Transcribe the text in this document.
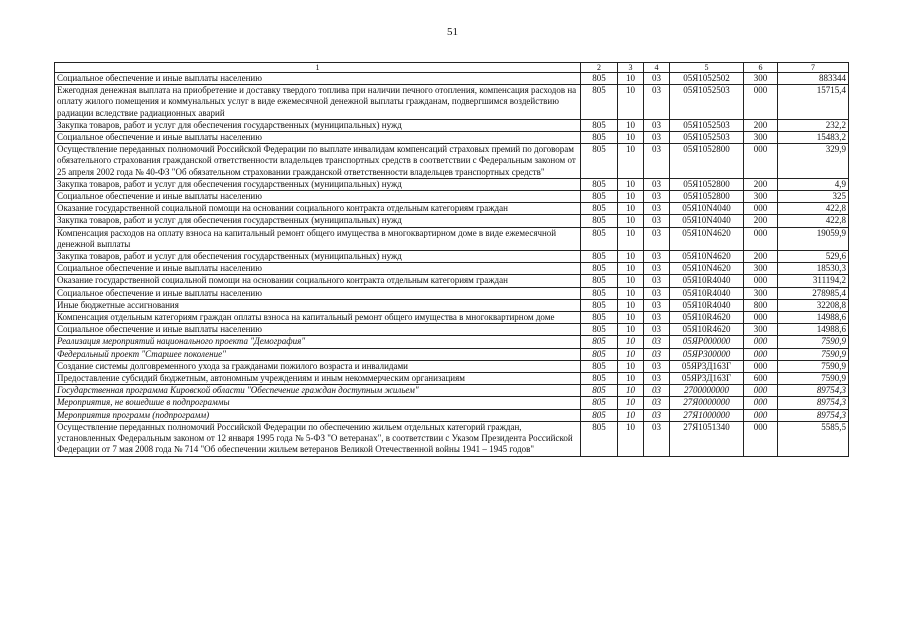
51
1	2	3	4	5	6	7
Социальное обеспечение и иные выплаты населению	805	10	03	05Я1052502	300	883344
Ежегодная денежная выплата на приобретение и доставку твердого топлива при наличии печного отопления, компенсация расходов на оплату жилого помещения и коммунальных услуг в виде ежемесячной денежной выплаты гражданам, подвергшимся воздействию радиации вследствие радиационных аварий	805	10	03	05Я1052503	000	15715,4
Закупка товаров, работ и услуг для обеспечения государственных (муниципальных) нужд	805	10	03	05Я1052503	200	232,2
Социальное обеспечение и иные выплаты населению	805	10	03	05Я1052503	300	15483,2
Осуществление переданных полномочий Российской Федерации по выплате инвалидам компенсаций страховых премий по договорам обязательного страхования гражданской ответственности владельцев транспортных средств в соответствии с Федеральным законом от 25 апреля 2002 года № 40-ФЗ "Об обязательном страховании гражданской ответственности владельцев транспортных средств"	805	10	03	05Я1052800	000	329,9
Закупка товаров, работ и услуг для обеспечения государственных (муниципальных) нужд	805	10	03	05Я1052800	200	4,9
Социальное обеспечение и иные выплаты населению	805	10	03	05Я1052800	300	325
Оказание государственной социальной помощи на основании социального контракта отдельным категориям граждан	805	10	03	05Я10N4040	000	422,8
Закупка товаров, работ и услуг для обеспечения государственных (муниципальных) нужд	805	10	03	05Я10N4040	200	422,8
Компенсация расходов на оплату взноса на капитальный ремонт общего имущества в многоквартирном доме в виде ежемесячной денежной выплаты	805	10	03	05Я10N4620	000	19059,9
Закупка товаров, работ и услуг для обеспечения государственных (муниципальных) нужд	805	10	03	05Я10N4620	200	529,6
Социальное обеспечение и иные выплаты населению	805	10	03	05Я10N4620	300	18530,3
Оказание государственной социальной помощи на основании социального контракта отдельным категориям граждан	805	10	03	05Я10R4040	000	311194,2
Социальное обеспечение и иные выплаты населению	805	10	03	05Я10R4040	300	278985,4
Иные бюджетные ассигнования	805	10	03	05Я10R4040	800	32208,8
Компенсация отдельным категориям граждан оплаты взноса на капитальный ремонт общего имущества в многоквартирном доме	805	10	03	05Я10R4620	000	14988,6
Социальное обеспечение и иные выплаты населению	805	10	03	05Я10R4620	300	14988,6
Реализация мероприятий национального проекта "Демография"	805	10	03	05ЯР000000	000	7590,9
Федеральный проект "Старшее поколение"	805	10	03	05ЯР300000	000	7590,9
Создание системы долговременного ухода за гражданами пожилого возраста и инвалидами	805	10	03	05ЯР3Д163Г	000	7590,9
Предоставление субсидий бюджетным, автономным учреждениям и иным некоммерческим организациям	805	10	03	05ЯР3Д163Г	600	7590,9
Государственная программа Кировской области "Обеспечение граждан доступным жильем"	805	10	03	2700000000	000	89754,3
Мероприятия, не вошедшие в подпрограммы	805	10	03	27Я0000000	000	89754,3
Мероприятия программ (подпрограмм)	805	10	03	27Я1000000	000	89754,3
Осуществление переданных полномочий Российской Федерации по обеспечению жильем отдельных категорий граждан, установленных Федеральным законом от 12 января 1995 года № 5-ФЗ "О ветеранах", в соответствии с Указом Президента Российской Федерации от 7 мая 2008 года № 714 "Об обеспечении жильем ветеранов Великой Отечественной войны 1941 – 1945 годов"	805	10	03	27Я1051340	000	5585,5
